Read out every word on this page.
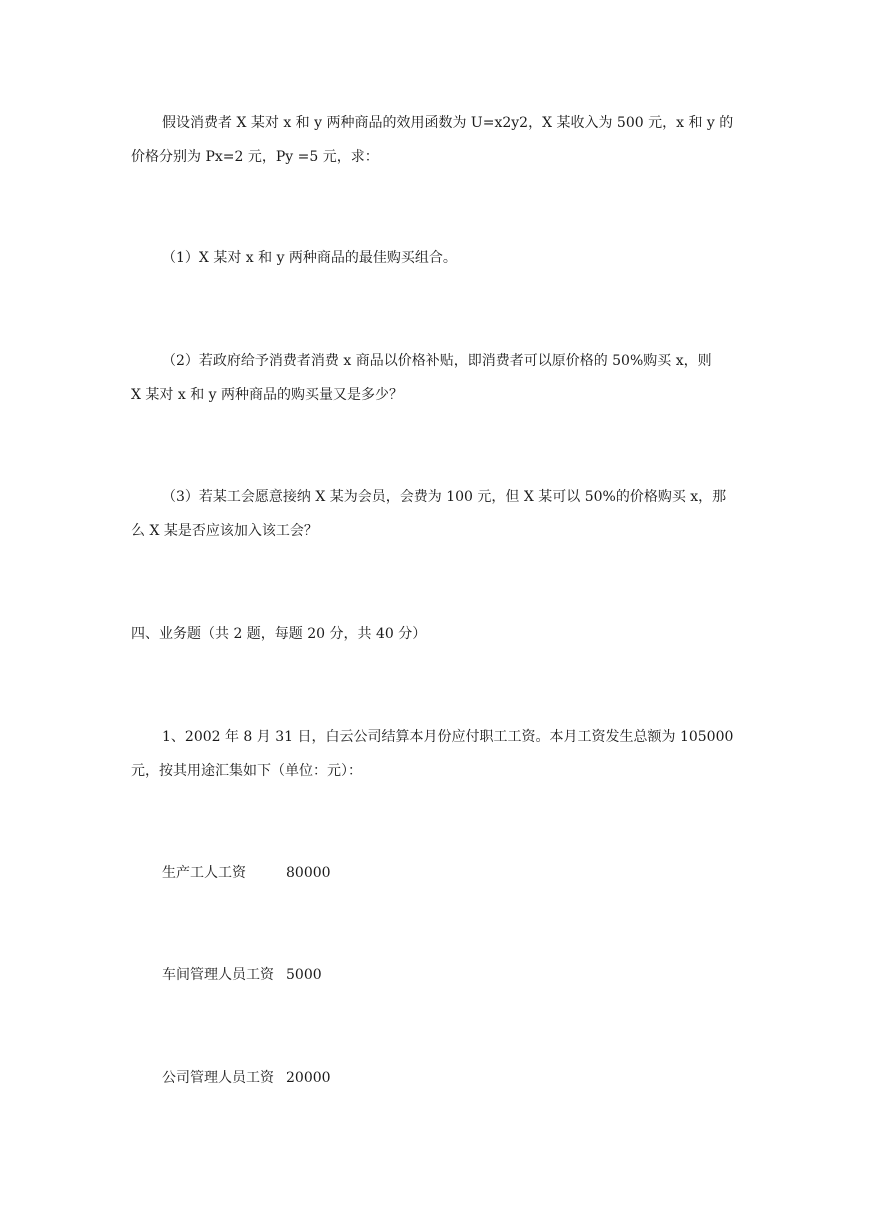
假设消费者 X 某对 x 和 y 两种商品的效用函数为 U=x2y2，X 某收入为 500 元，x 和 y 的
价格分别为 Px=2 元，Py =5 元，求：
（1）X 某对 x 和 y 两种商品的最佳购买组合。
（2）若政府给予消费者消费 x 商品以价格补贴，即消费者可以原价格的 50%购买 x，则
X 某对 x 和 y 两种商品的购买量又是多少？
（3）若某工会愿意接纳 X 某为会员，会费为 100 元，但 X 某可以 50%的价格购买 x，那
么 X 某是否应该加入该工会？
四、业务题（共 2 题，每题 20 分，共 40 分）
1、2002 年 8 月 31 日，白云公司结算本月份应付职工工资。本月工资发生总额为 105000
元，按其用途汇集如下（单位：元）：
生产工人工资	80000
车间管理人员工资 5000
公司管理人员工资 20000
